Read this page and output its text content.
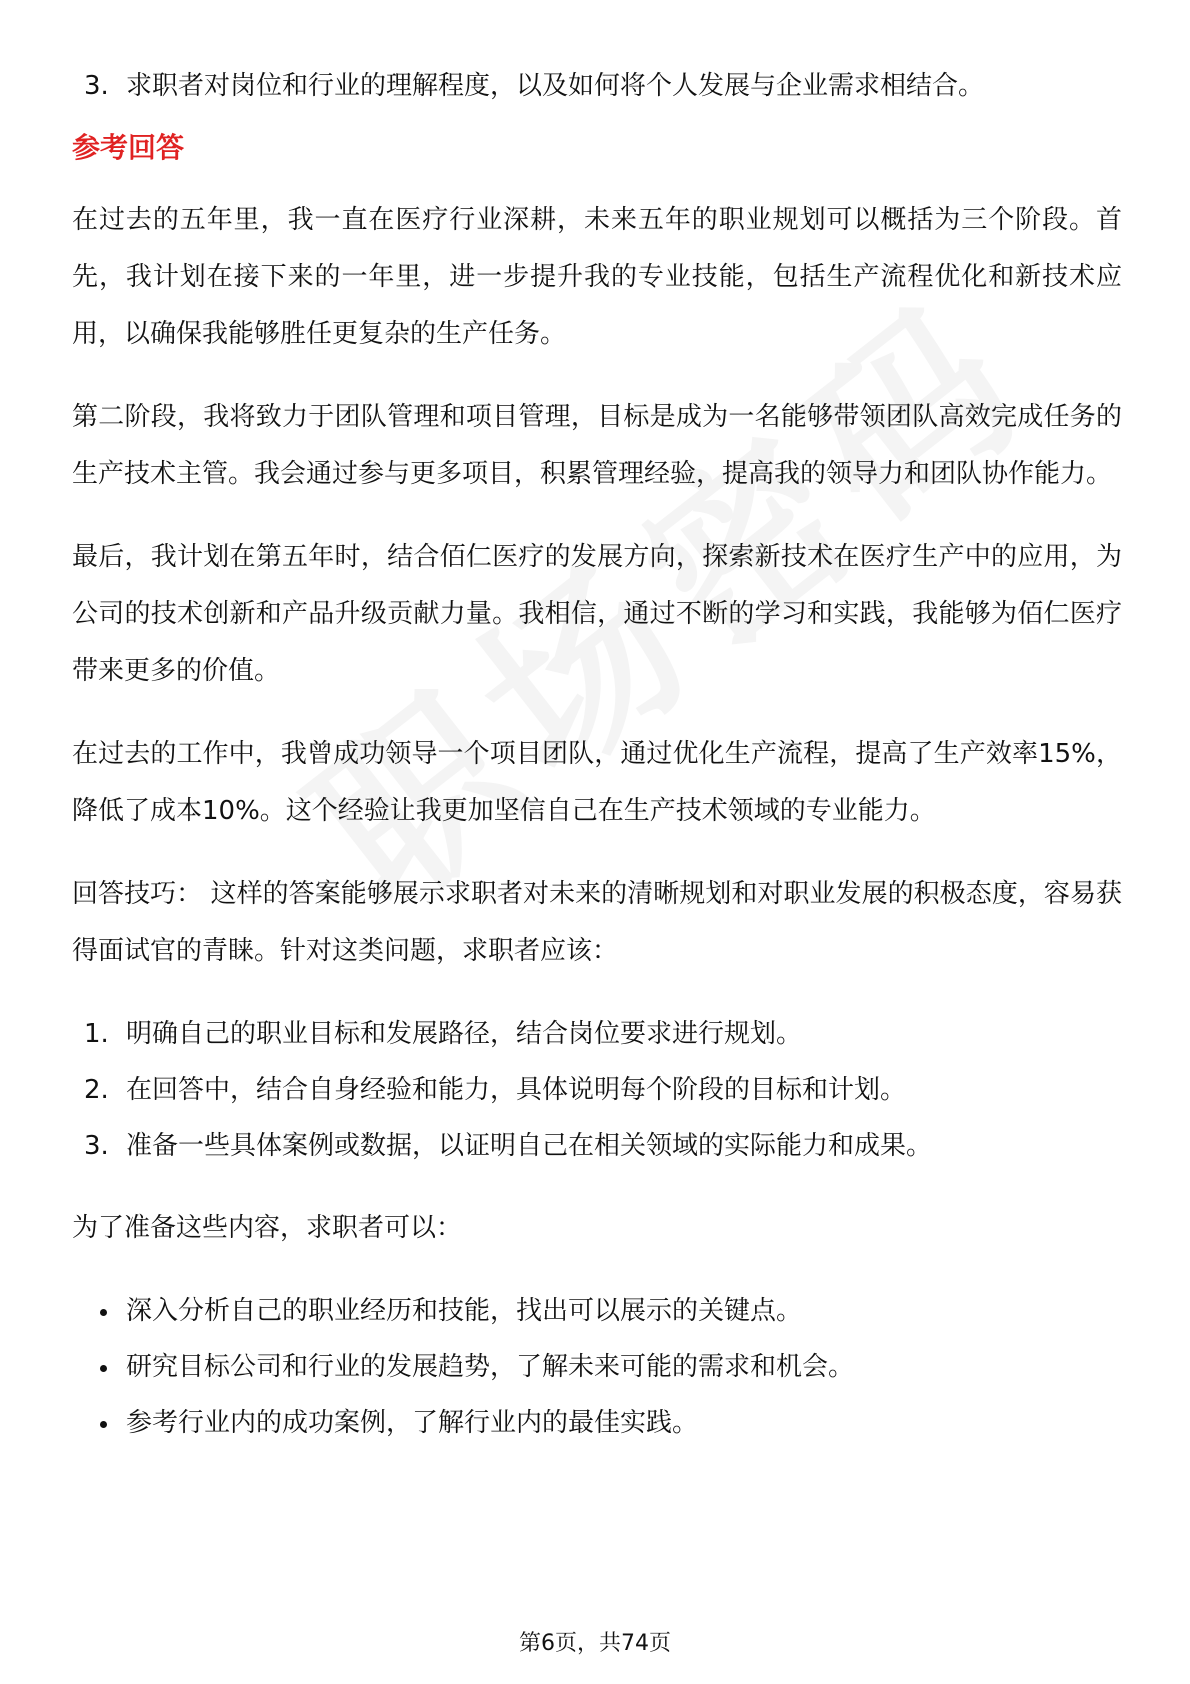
3. 求职者对岗位和行业的理解程度，以及如何将个人发展与企业需求相结合。
参考回答

在过去的五年里，我一直在医疗行业深耕，未来五年的职业规划可以概括为三个阶段。首先，我计划在接下来的一年里，进一步提升我的专业技能，包括生产流程优化和新技术应用，以确保我能够胜任更复杂的生产任务。

第二阶段，我将致力于团队管理和项目管理，目标是成为一名能够带领团队高效完成任务的生产技术主管。我会通过参与更多项目，积累管理经验，提高我的领导力和团队协作能力。

最后，我计划在第五年时，结合佰仁医疗的发展方向，探索新技术在医疗生产中的应用，为公司的技术创新和产品升级贡献力量。我相信，通过不断的学习和实践，我能够为佰仁医疗带来更多的价值。

在过去的工作中，我曾成功领导一个项目团队，通过优化生产流程，提高了生产效率15%，降低了成本10%。这个经验让我更加坚信自己在生产技术领域的专业能力。

回答技巧： 这样的答案能够展示求职者对未来的清晰规划和对职业发展的积极态度，容易获得面试官的青睐。针对这类问题，求职者应该：

1. 明确自己的职业目标和发展路径，结合岗位要求进行规划。
2. 在回答中，结合自身经验和能力，具体说明每个阶段的目标和计划。
3. 准备一些具体案例或数据，以证明自己在相关领域的实际能力和成果。

为了准备这些内容，求职者可以：

深入分析自己的职业经历和技能，找出可以展示的关键点。
研究目标公司和行业的发展趋势，了解未来可能的需求和机会。
参考行业内的成功案例，了解行业内的最佳实践。
第6页，共74页
